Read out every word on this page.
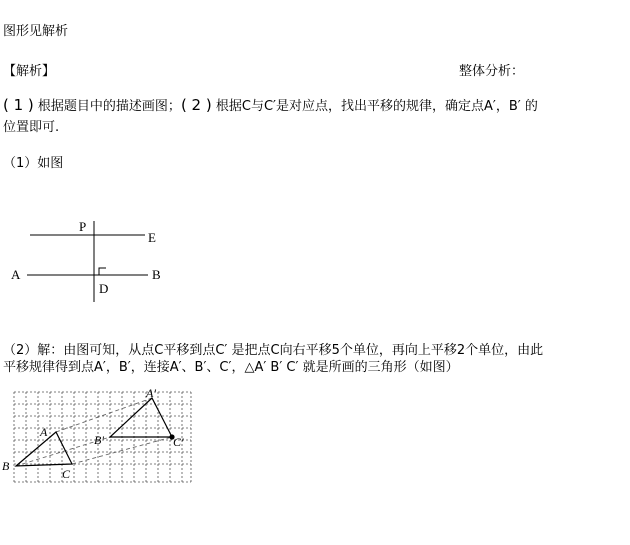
图形见解析
【解析】	整体分析：
( 1 ) 根据题目中的描述画图；( 2 ) 根据C与C′是对应点，找出平移的规律，确定点A′，B′ 的
位置即可.
（1）如图
P
E
A	B
D
（2）解：由图可知，从点C平移到点C′ 是把点C向右平移5个单位，再向上平移2个单位，由此
平移规律得到点A′，B′，连接A′、B′、C′，△A′ B′ C′ 就是所画的三角形（如图）
A
B
C
A'
B'	C'
